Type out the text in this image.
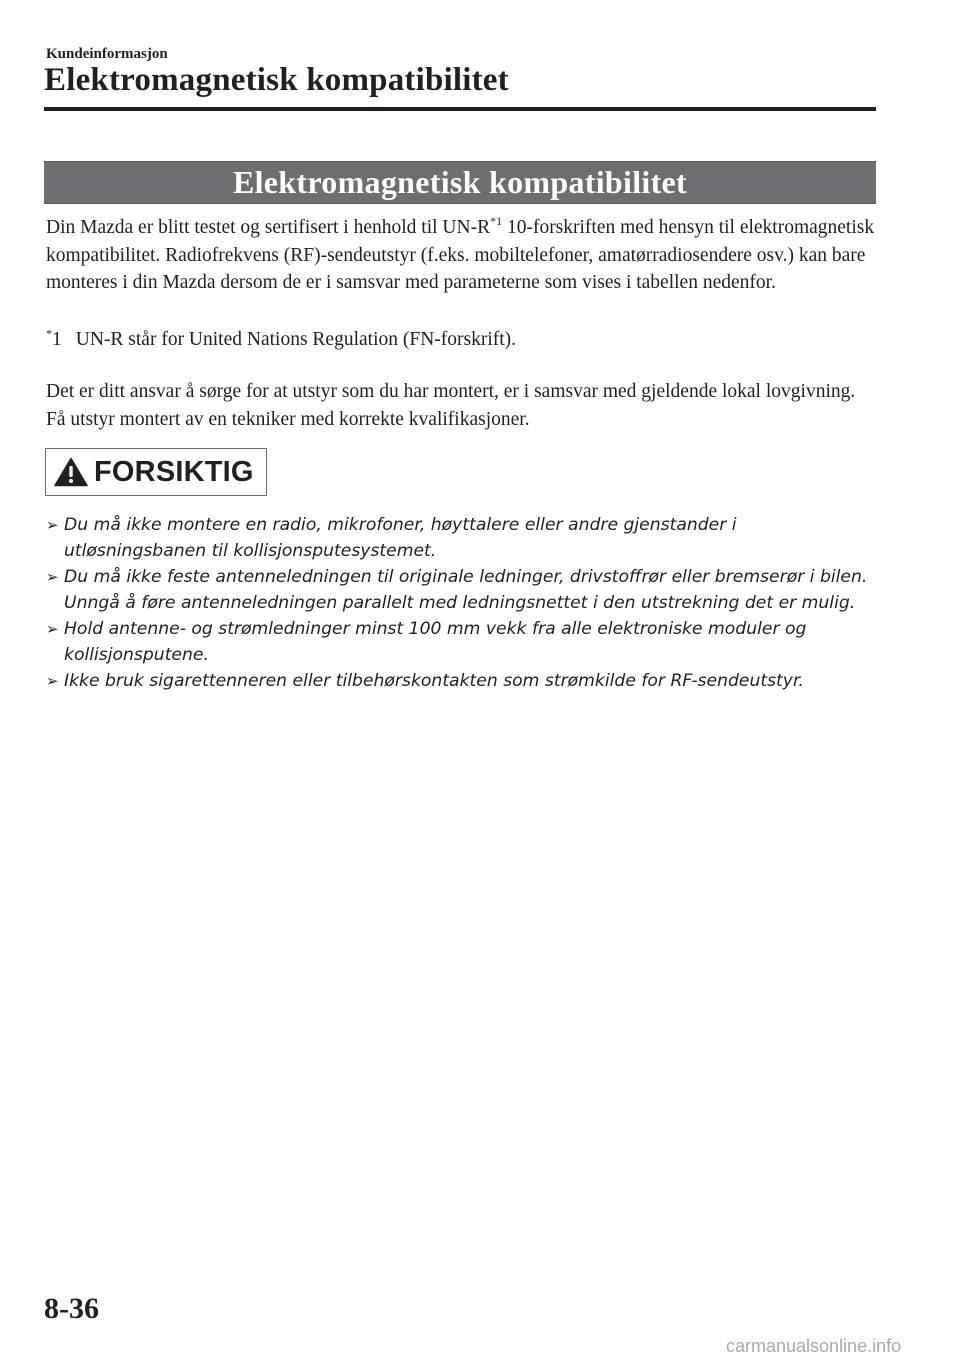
Kundeinformasjon
Elektromagnetisk kompatibilitet
Elektromagnetisk kompatibilitet
Din Mazda er blitt testet og sertifisert i henhold til $UN-R^{*1}$ 10-forskriften med hensyn til elektromagnetisk kompatibilitet. Radiofrekvens (RF)-sendeutstyr (f.eks. mobiltelefoner, amatørradiosendere osv.) kan bare monteres i din Mazda dersom de er i samsvar med parameterne som vises i tabellen nedenfor.
*1 UN-R står for United Nations Regulation (FN-forskrift).
Det er ditt ansvar å sørge for at utstyr som du har montert, er i samsvar med gjeldende lokal lovgivning. Få utstyr montert av en tekniker med korrekte kvalifikasjoner.
FORSIKTIG
➢ Du må ikke montere en radio, mikrofoner, høyttalere eller andre gjenstander i utløsningsbanen til kollisjonsputesystemet.
➢ Du må ikke feste antenneledningen til originale ledninger, drivstoffrør eller bremserør i bilen. Unngå å føre antenneledningen parallelt med ledningsnettet i den utstrekning det er mulig.
➢ Hold antenne- og strømledninger minst 100 mm vekk fra alle elektroniske moduler og kollisjonsputene.
➢ Ikke bruk sigarettenneren eller tilbehørskontakten som strømkilde for RF-sendeutstyr.
8-36
carmanualsonline.info
